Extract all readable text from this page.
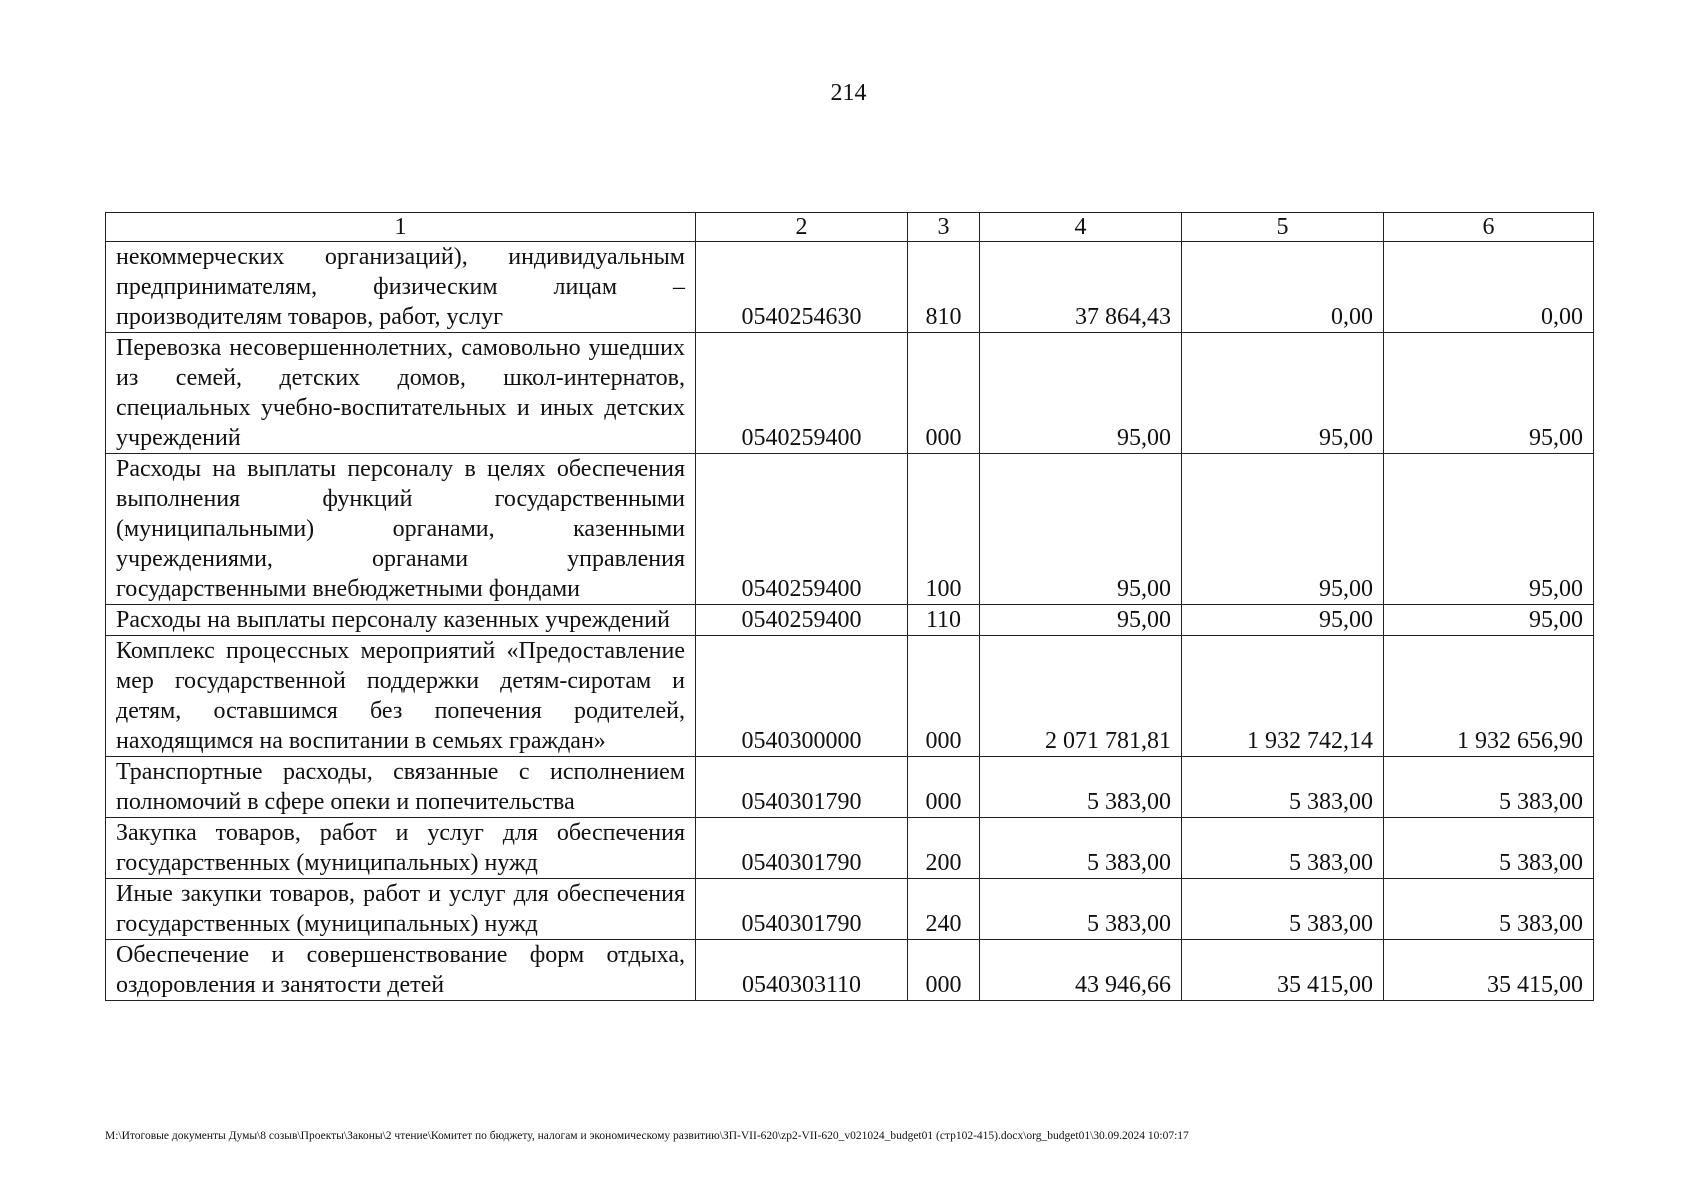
214
1	2	3	4	5	6
некоммерческих организаций), индивидуальным предпринимателям, физическим лицам – производителям товаров, работ, услуг	0540254630	810	37 864,43	0,00	0,00
Перевозка несовершеннолетних, самовольно ушедших из семей, детских домов, школ-интернатов, специальных учебно-воспитательных и иных детских учреждений	0540259400	000	95,00	95,00	95,00
Расходы на выплаты персоналу в целях обеспечения выполнения функций государственными (муниципальными) органами, казенными учреждениями, органами управления государственными внебюджетными фондами	0540259400	100	95,00	95,00	95,00
Расходы на выплаты персоналу казенных учреждений	0540259400	110	95,00	95,00	95,00
Комплекс процессных мероприятий «Предоставление мер государственной поддержки детям-сиротам и детям, оставшимся без попечения родителей, находящимся на воспитании в семьях граждан»	0540300000	000	2 071 781,81	1 932 742,14	1 932 656,90
Транспортные расходы, связанные с исполнением полномочий в сфере опеки и попечительства	0540301790	000	5 383,00	5 383,00	5 383,00
Закупка товаров, работ и услуг для обеспечения государственных (муниципальных) нужд	0540301790	200	5 383,00	5 383,00	5 383,00
Иные закупки товаров, работ и услуг для обеспечения государственных (муниципальных) нужд	0540301790	240	5 383,00	5 383,00	5 383,00
Обеспечение и совершенствование форм отдыха, оздоровления и занятости детей	0540303110	000	43 946,66	35 415,00	35 415,00
M:\Итоговые документы Думы\8 созыв\Проекты\Законы\2 чтение\Комитет по бюджету, налогам и экономическому развитию\ЗП-VII-620\zp2-VII-620_v021024_budget01 (стр102-415).docx\org_budget01\30.09.2024 10:07:17
